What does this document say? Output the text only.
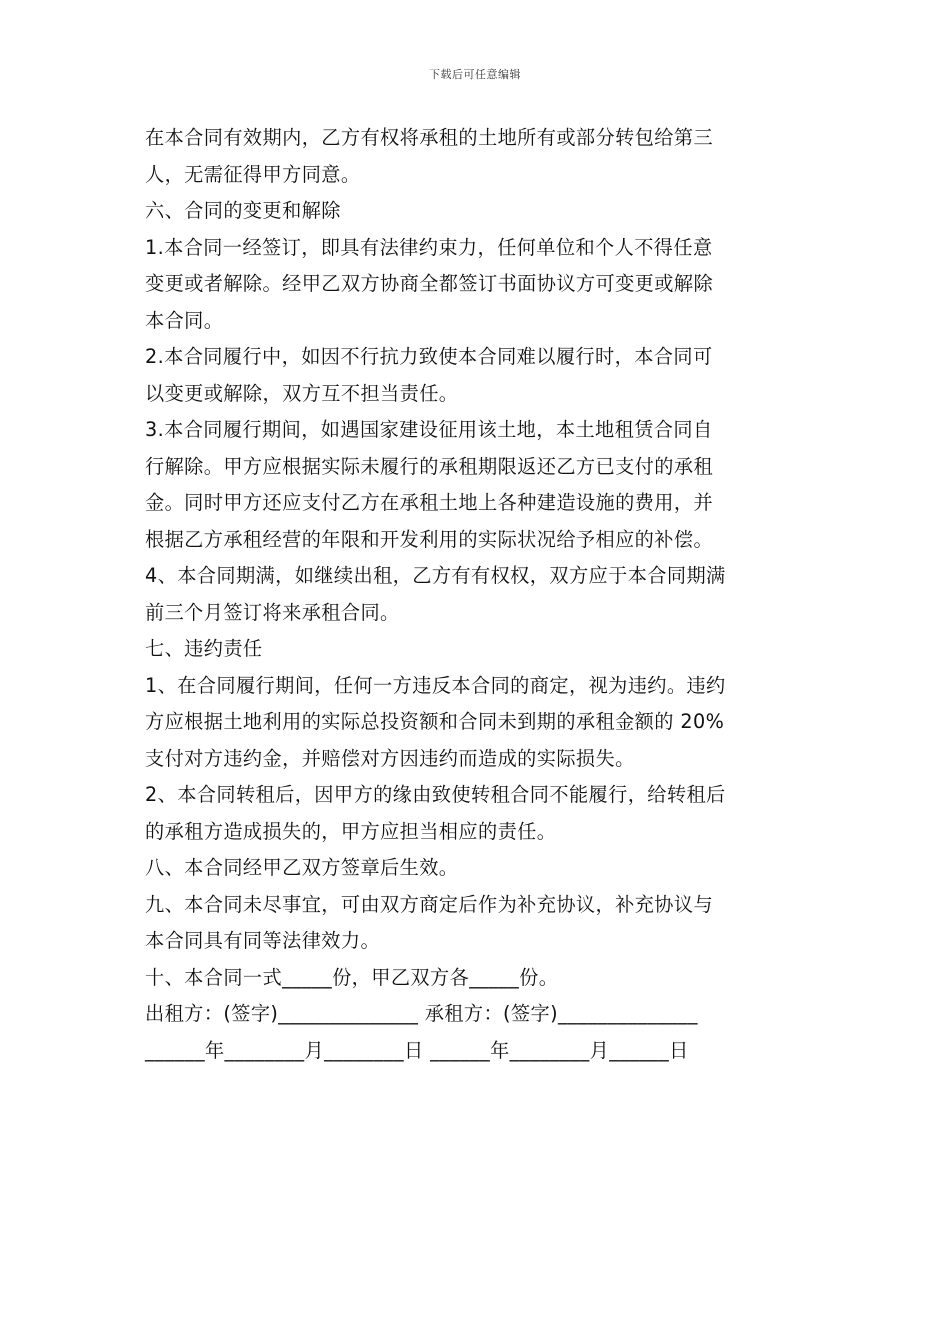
下载后可任意编辑
在本合同有效期内，乙方有权将承租的土地所有或部分转包给第三
人，无需征得甲方同意。
六、合同的变更和解除
1.本合同一经签订，即具有法律约束力，任何单位和个人不得任意
变更或者解除。经甲乙双方协商全都签订书面协议方可变更或解除
本合同。
2.本合同履行中，如因不行抗力致使本合同难以履行时，本合同可
以变更或解除，双方互不担当责任。
3.本合同履行期间，如遇国家建设征用该土地，本土地租赁合同自
行解除。甲方应根据实际未履行的承租期限返还乙方已支付的承租
金。同时甲方还应支付乙方在承租土地上各种建造设施的费用，并
根据乙方承租经营的年限和开发利用的实际状况给予相应的补偿。
4、本合同期满，如继续出租，乙方有有权权，双方应于本合同期满
前三个月签订将来承租合同。
七、违约责任
1、在合同履行期间，任何一方违反本合同的商定，视为违约。违约
方应根据土地利用的实际总投资额和合同未到期的承租金额的 20%
支付对方违约金，并赔偿对方因违约而造成的实际损失。
2、本合同转租后，因甲方的缘由致使转租合同不能履行，给转租后
的承租方造成损失的，甲方应担当相应的责任。
八、本合同经甲乙双方签章后生效。
九、本合同未尽事宜，可由双方商定后作为补充协议，补充协议与
本合同具有同等法律效力。
十、本合同一式_____份，甲乙双方各_____份。
出租方：(签字)______________ 承租方：(签字)______________
______年________月________日 ______年________月______日
